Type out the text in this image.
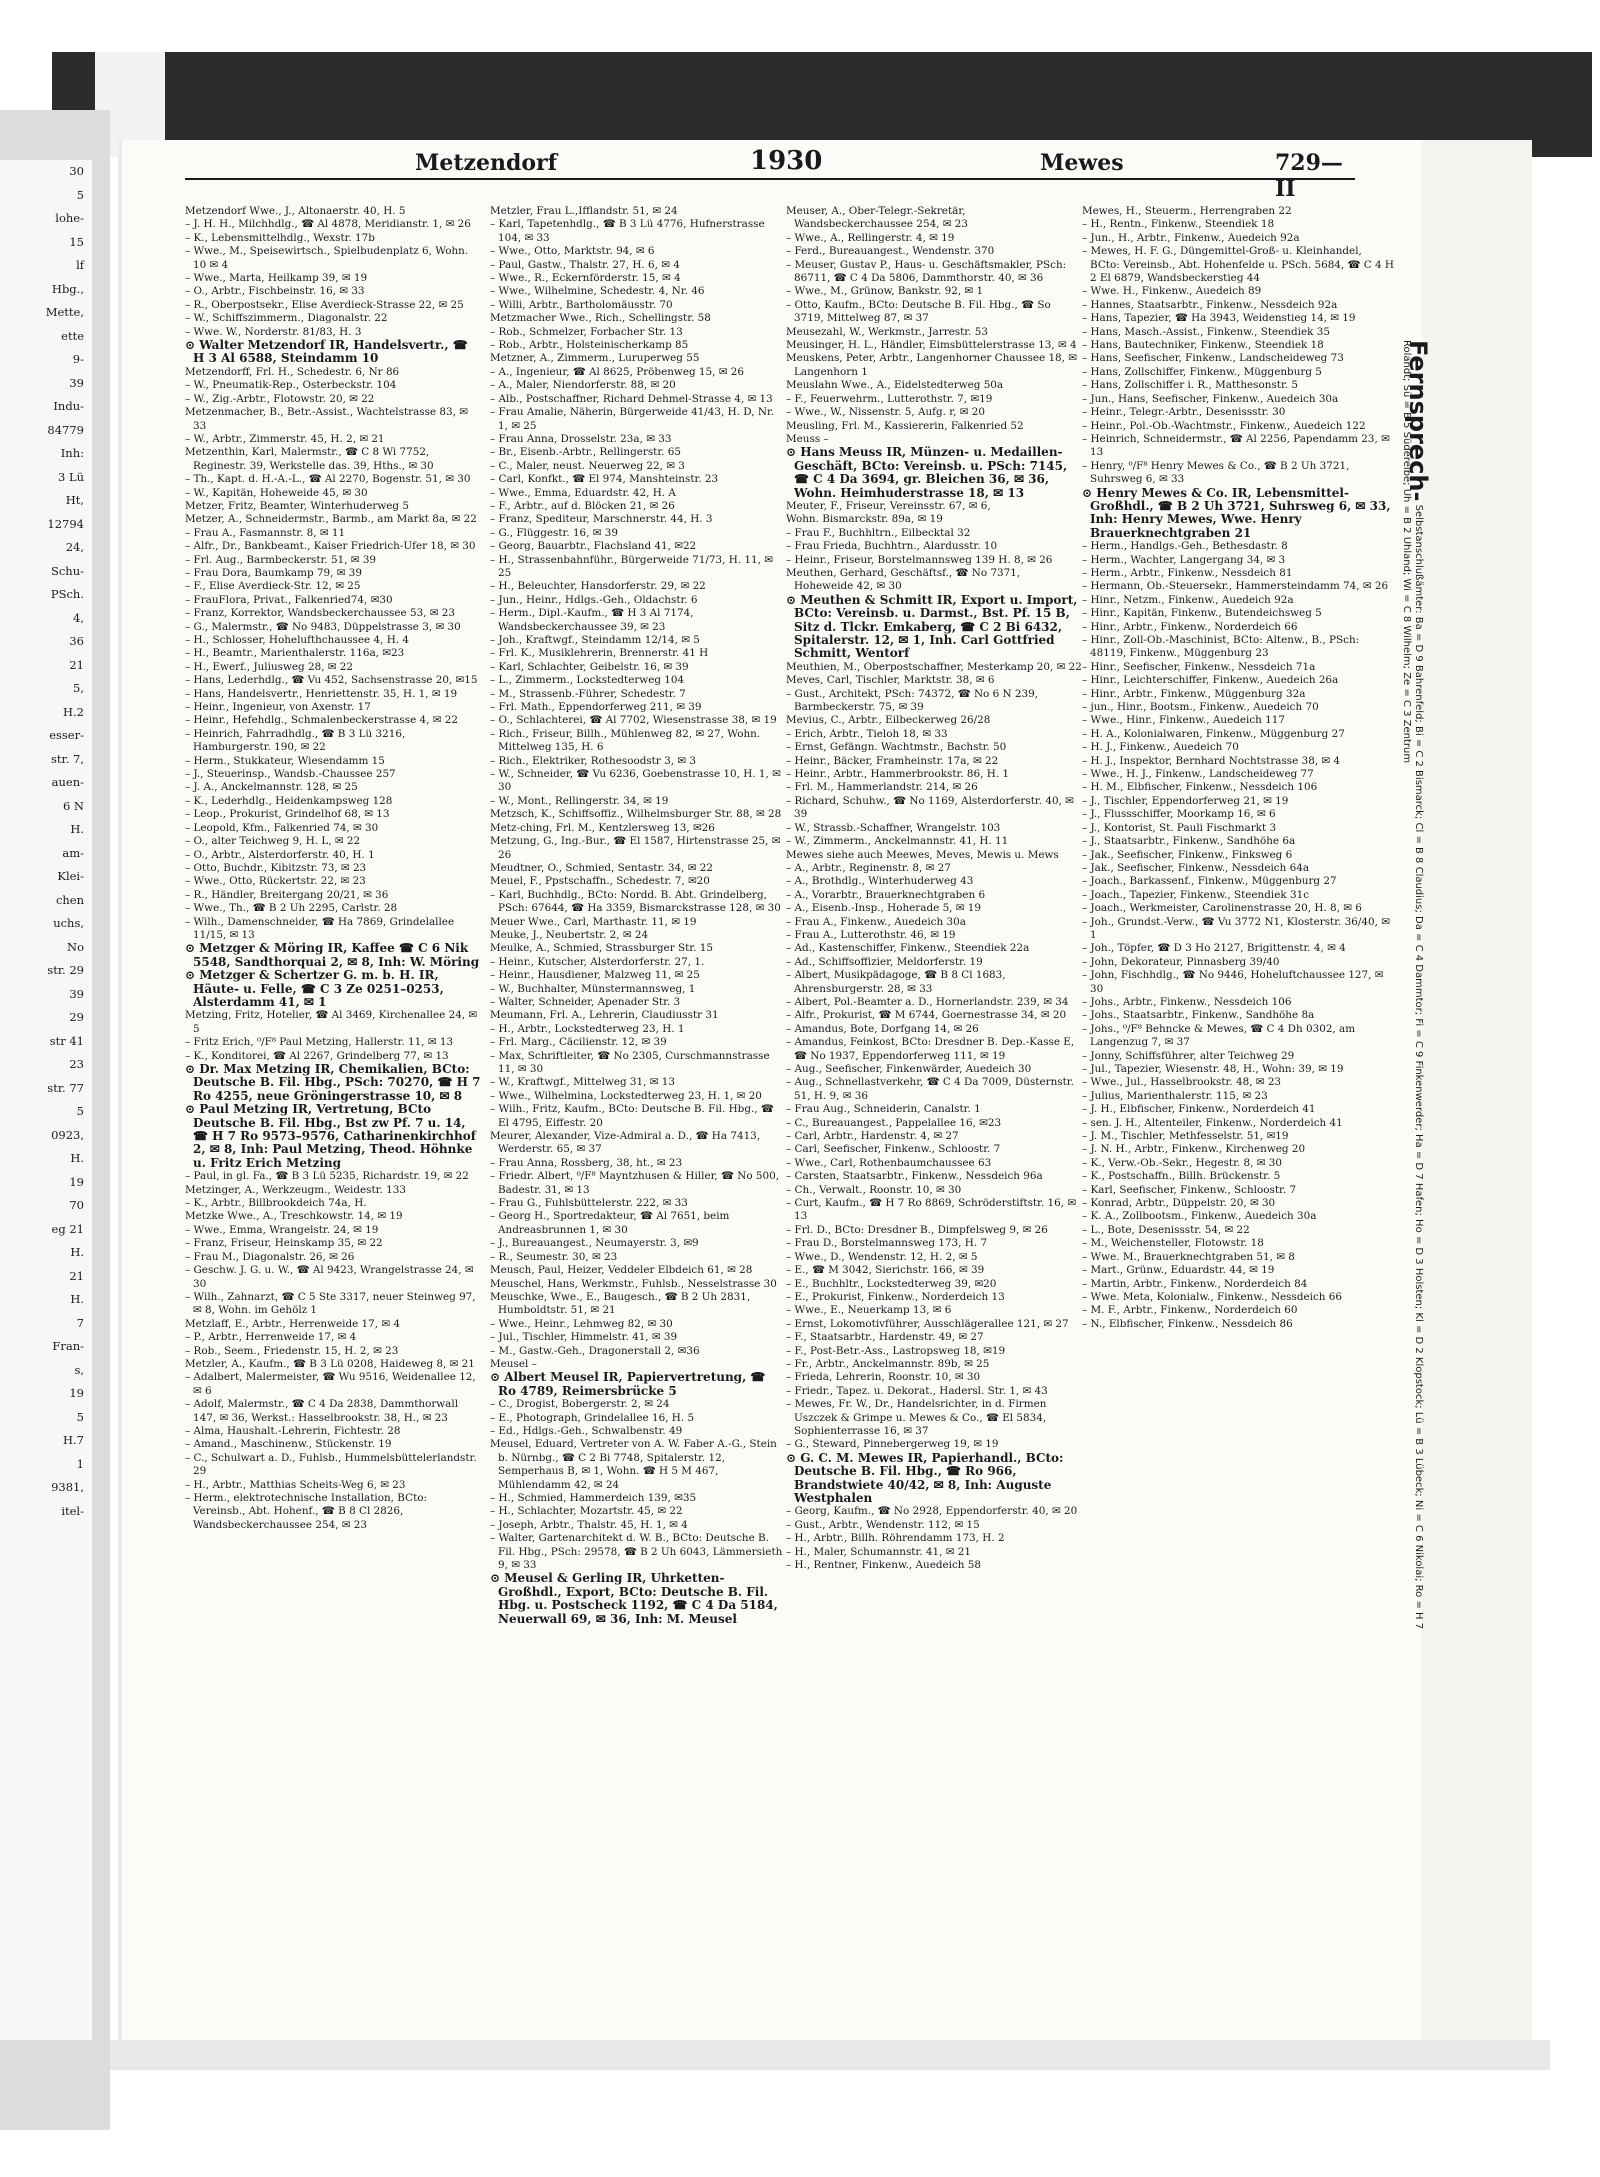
30
5
lohe-
15
lf
Hbg.,
Mette,
ette
9-
39
Indu-
84779
Inh:
3 Lü
Ht,
12794
24,
Schu-
PSch.
4,
36
21
5,
H.2
esser-
str. 7,
auen-
6 N
H.
am-
Klei-
chen
uchs,
No
str. 29
39
29
str 41
23
str. 77
5
0923,
H.
19
70
eg 21
H.
21
H.
7
Fran-
s,
19
5
H.7
1
9381,
itel-
Metzendorf	1930	Mewes	729—II
Metzendorf Wwe., J., Altonaerstr. 40, H. 5
– J. H. H., Milchhdlg., ☎ Al 4878, Meridianstr. 1, ✉ 26
– K., Lebensmittelhdlg., Wexstr. 17b
– Wwe., M., Speisewirtsch., Spielbudenplatz 6, Wohn. 10 ✉ 4
– Wwe., Marta, Heilkamp 39, ✉ 19
– O., Arbtr., Fischbeinstr. 16, ✉ 33
– R., Oberpostsekr., Elise Averdieck-Strasse 22, ✉ 25
– W., Schiffszimmerm., Diagonalstr. 22
– Wwe. W., Norderstr. 81/83, H. 3
⊙ Walter Metzendorf IR, Handelsvertr., ☎ H 3 Al 6588, Steindamm 10
Metzendorff, Frl. H., Schedestr. 6, Nr 86
– W., Pneumatik-Rep., Osterbeckstr. 104
– W., Zig.-Arbtr., Flotowstr. 20, ✉ 22
Metzenmacher, B., Betr.-Assist., Wachtelstrasse 83, ✉ 33
– W., Arbtr., Zimmerstr. 45, H. 2, ✉ 21
Metzenthin, Karl, Malermstr., ☎ C 8 Wi 7752, Reginestr. 39, Werkstelle das. 39, Hths., ✉ 30
– Th., Kapt. d. H.-A.-L., ☎ Al 2270, Bogenstr. 51, ✉ 30
– W., Kapitän, Hoheweide 45, ✉ 30
Metzer, Fritz, Beamter, Winterhuderweg 5
Metzer, A., Schneidermstr., Barmb., am Markt 8a, ✉ 22
– Frau A., Fasmannstr. 8, ✉ 11
– Alfr., Dr., Bankbeamt., Kaiser Friedrich-Ufer 18, ✉ 30
– Frl. Aug., Barmbeckerstr. 51, ✉ 39
– Frau Dora, Baumkamp 79, ✉ 39
– F., Elise Averdieck-Str. 12, ✉ 25
– FrauFlora, Privat., Falkenried74, ✉30
– Franz, Korrektor, Wandsbeckerchaussee 53, ✉ 23
– G., Malermstr., ☎ No 9483, Düppelstrasse 3, ✉ 30
– H., Schlosser, Hohelufthchaussee 4, H. 4
– H., Beamtr., Marienthalerstr. 116a, ✉23
– H., Ewerf., Juliusweg 28, ✉ 22
– Hans, Lederhdlg., ☎ Vu 452, Sachsenstrasse 20, ✉15
– Hans, Handelsvertr., Henriettenstr. 35, H. 1, ✉ 19
– Heinr., Ingenieur, von Axenstr. 17
– Heinr., Hefehdlg., Schmalenbeckerstrasse 4, ✉ 22
– Heinrich, Fahrradhdlg., ☎ B 3 Lü 3216, Hamburgerstr. 190, ✉ 22
– Herm., Stukkateur, Wiesendamm 15
– J., Steuerinsp., Wandsb.-Chaussee 257
– J. A., Anckelmannstr. 128, ✉ 25
– K., Lederhdlg., Heidenkampsweg 128
– Leop., Prokurist, Grindelhof 68, ✉ 13
– Leopold, Kfm., Falkenried 74, ✉ 30
– O., alter Teichweg 9, H. L, ✉ 22
– O., Arbtr., Alsterdorferstr. 40, H. 1
– Otto, Buchdr., Kibitzstr. 73, ✉ 23
– Wwe., Otto, Rückertstr. 22, ✉ 23
– R., Händler, Breitergang 20/21, ✉ 36
– Wwe., Th., ☎ B 2 Uh 2295, Carlstr. 28
– Wilh., Damenschneider, ☎ Ha 7869, Grindelallee 11/15, ✉ 13
⊙ Metzger & Möring IR, Kaffee ☎ C 6 Nik 5548, Sandthorquai 2, ✉ 8, Inh: W. Möring
⊙ Metzger & Schertzer G. m. b. H. IR, Häute- u. Felle, ☎ C 3 Ze 0251–0253, Alsterdamm 41, ✉ 1
Metzing, Fritz, Hotelier, ☎ Al 3469, Kirchenallee 24, ✉ 5
– Fritz Erich, ⁰/F⁸ Paul Metzing, Hallerstr. 11, ✉ 13
– K., Konditorei, ☎ Al 2267, Grindelberg 77, ✉ 13
⊙ Dr. Max Metzing IR, Chemikalien, BCto: Deutsche B. Fil. Hbg., PSch: 70270, ☎ H 7 Ro 4255, neue Gröningerstrasse 10, ✉ 8
⊙ Paul Metzing IR, Vertretung, BCto Deutsche B. Fil. Hbg., Bst zw Pf. 7 u. 14, ☎ H 7 Ro 9573–9576, Catharinenkirchhof 2, ✉ 8, Inh: Paul Metzing, Theod. Höhnke u. Fritz Erich Metzing
– Paul, in gl. Fa., ☎ B 3 Lü 5235, Richardstr. 19, ✉ 22
Metzinger, A., Werkzeugm., Weidestr. 133
– K., Arbtr., Billbrookdeich 74a, H.
Metzke Wwe., A., Treschkowstr. 14, ✉ 19
– Wwe., Emma, Wrangelstr. 24, ✉ 19
– Franz, Friseur, Heinskamp 35, ✉ 22
– Frau M., Diagonalstr. 26, ✉ 26
– Geschw. J. G. u. W., ☎ Al 9423, Wrangelstrasse 24, ✉ 30
– Wilh., Zahnarzt, ☎ C 5 Ste 3317, neuer Steinweg 97, ✉ 8, Wohn. im Gehölz 1
Metzlaff, E., Arbtr., Herrenweide 17, ✉ 4
– P., Arbtr., Herrenweide 17, ✉ 4
– Rob., Seem., Friedenstr. 15, H. 2, ✉ 23
Metzler, A., Kaufm., ☎ B 3 Lü 0208, Haideweg 8, ✉ 21
– Adalbert, Malermeister, ☎ Wu 9516, Weidenallee 12, ✉ 6
– Adolf, Malermstr., ☎ C 4 Da 2838, Dammthorwall 147, ✉ 36, Werkst.: Hasselbrookstr. 38, H., ✉ 23
– Alma, Haushalt.-Lehrerin, Fichtestr. 28
– Amand., Maschinenw., Stückenstr. 19
– C., Schulwart a. D., Fuhlsb., Hummelsbüttelerlandstr. 29
– H., Arbtr., Matthias Scheits-Weg 6, ✉ 23
– Herm., elektrotechnische Installation, BCto: Vereinsb., Abt. Hohenf., ☎ B 8 Cl 2826, Wandsbeckerchaussee 254, ✉ 23
Metzler, Frau L.,Ifflandstr. 51, ✉ 24
– Karl, Tapetenhdlg., ☎ B 3 Lü 4776, Hufnerstrasse 104, ✉ 33
– Wwe., Otto, Marktstr. 94, ✉ 6
– Paul, Gastw., Thalstr. 27, H. 6, ✉ 4
– Wwe., R., Eckernförderstr. 15, ✉ 4
– Wwe., Wilhelmine, Schedestr. 4, Nr. 46
– Willi, Arbtr., Bartholomäusstr. 70
Metzmacher Wwe., Rich., Schellingstr. 58
– Rob., Schmelzer, Forbacher Str. 13
– Rob., Arbtr., Holsteinischerkamp 85
Metzner, A., Zimmerm., Luruperweg 55
– A., Ingenieur, ☎ Al 8625, Pröbenweg 15, ✉ 26
– A., Maler, Niendorferstr. 88, ✉ 20
– Alb., Postschaffner, Richard Dehmel-Strasse 4, ✉ 13
– Frau Amalie, Näherin, Bürgerweide 41/43, H. D, Nr. 1, ✉ 25
– Frau Anna, Drosselstr. 23a, ✉ 33
– Br., Eisenb.-Arbtr., Rellingerstr. 65
– C., Maler, neust. Neuerweg 22, ✉ 3
– Carl, Konfkt., ☎ El 974, Manshteinstr. 23
– Wwe., Emma, Eduardstr. 42, H. A
– F., Arbtr., auf d. Blöcken 21, ✉ 26
– Franz, Spediteur, Marschnerstr. 44, H. 3
– G., Flüggestr. 16, ✉ 39
– Georg, Bauarbtr., Flachsland 41, ✉22
– H., Strassenbahnführ., Bürgerweide 71/73, H. 11, ✉ 25
– H., Beleuchter, Hansdorferstr. 29, ✉ 22
– Jun., Heinr., Hdlgs.-Geh., Oldachstr. 6
– Herm., Dipl.-Kaufm., ☎ H 3 Al 7174, Wandsbeckerchaussee 39, ✉ 23
– Joh., Kraftwgf., Steindamm 12/14, ✉ 5
– Frl. K., Musiklehrerin, Brennerstr. 41 H
– Karl, Schlachter, Geibelstr. 16, ✉ 39
– L., Zimmerm., Lockstedterweg 104
– M., Strassenb.-Führer, Schedestr. 7
– Frl. Math., Eppendorferweg 211, ✉ 39
– O., Schlachterei, ☎ Al 7702, Wiesenstrasse 38, ✉ 19
– Rich., Friseur, Billh., Mühlenweg 82, ✉ 27, Wohn. Mittelweg 135, H. 6
– Rich., Elektriker, Rothesoodstr 3, ✉ 3
– W., Schneider, ☎ Vu 6236, Goebenstrasse 10, H. 1, ✉ 30
– W., Mont., Rellingerstr. 34, ✉ 19
Metzsch, K., Schiffsoffiz., Wilhelmsburger Str. 88, ✉ 28
Metz-ching, Frl. M., Kentzlersweg 13, ✉26
Metzung, G., Ing.-Bur., ☎ El 1587, Hirtenstrasse 25, ✉ 26
Meudtner, O., Schmied, Sentastr. 34, ✉ 22
Meuel, F., Ppstschaffn., Schedestr. 7, ✉20
– Karl, Buchhdlg., BCto: Nordd. B. Abt. Grindelberg, PSch: 67644, ☎ Ha 3359, Bismarckstrasse 128, ✉ 30
Meuer Wwe., Carl, Marthastr. 11, ✉ 19
Meuke, J., Neubertstr. 2, ✉ 24
Meulke, A., Schmied, Strassburger Str. 15
– Heinr., Kutscher, Alsterdorferstr. 27, 1.
– Heinr., Hausdiener, Malzweg 11, ✉ 25
– W., Buchhalter, Münstermannsweg, 1
– Walter, Schneider, Apenader Str. 3
Meumann, Frl. A., Lehrerin, Claudiusstr 31
– H., Arbtr., Lockstedterweg 23, H. 1
– Frl. Marg., Cäcilienstr. 12, ✉ 39
– Max, Schriftleiter, ☎ No 2305, Curschmannstrasse 11, ✉ 30
– W., Kraftwgf., Mittelweg 31, ✉ 13
– Wwe., Wilhelmina, Lockstedterweg 23, H. 1, ✉ 20
– Wilh., Fritz, Kaufm., BCto: Deutsche B. Fil. Hbg., ☎ El 4795, Eiffestr. 20
Meurer, Alexander, Vize-Admiral a. D., ☎ Ha 7413, Werderstr. 65, ✉ 37
– Frau Anna, Rossberg, 38, ht., ✉ 23
– Friedr. Albert, ⁰/F⁸ Mayntzhusen & Hiller, ☎ No 500, Badestr. 31, ✉ 13
– Frau G., Fuhlsbüttelerstr. 222, ✉ 33
– Georg H., Sportredakteur, ☎ Al 7651, beim Andreasbrunnen 1, ✉ 30
– J., Bureauangest., Neumayerstr. 3, ✉9
– R., Seumestr. 30, ✉ 23
Meusch, Paul, Heizer, Veddeler Elbdeich 61, ✉ 28
Meuschel, Hans, Werkmstr., Fuhlsb., Nesselstrasse 30
Meuschke, Wwe., E., Baugesch., ☎ B 2 Uh 2831, Humboldtstr. 51, ✉ 21
– Wwe., Heinr., Lehmweg 82, ✉ 30
– Jul., Tischler, Himmelstr. 41, ✉ 39
– M., Gastw.-Geh., Dragonerstall 2, ✉36
Meusel –
⊙ Albert Meusel IR, Papiervertretung, ☎ Ro 4789, Reimersbrücke 5
– C., Drogist, Bobergerstr. 2, ✉ 24
– E., Photograph, Grindelallee 16, H. 5
– Ed., Hdlgs.-Geh., Schwalbenstr. 49
Meusel, Eduard, Vertreter von A. W. Faber A.-G., Stein b. Nürnbg., ☎ C 2 Bi 7748, Spitalerstr. 12, Semperhaus B, ✉ 1, Wohn. ☎ H 5 M 467, Mühlendamm 42, ✉ 24
– H., Schmied, Hammerdeich 139, ✉35
– H., Schlachter, Mozartstr. 45, ✉ 22
– Joseph, Arbtr., Thalstr. 45, H. 1, ✉ 4
– Walter, Gartenarchitekt d. W. B., BCto: Deutsche B. Fil. Hbg., PSch: 29578, ☎ B 2 Uh 6043, Lämmersieth 9, ✉ 33
⊙ Meusel & Gerling IR, Uhrketten-Großhdl., Export, BCto: Deutsche B. Fil. Hbg. u. Postscheck 1192, ☎ C 4 Da 5184, Neuerwall 69, ✉ 36, Inh: M. Meusel
Meuser, A., Ober-Telegr.-Sekretär, Wandsbeckerchaussee 254, ✉ 23
– Wwe., A., Rellingerstr. 4, ✉ 19
– Ferd., Bureauangest., Wendenstr. 370
– Meuser, Gustav P., Haus- u. Geschäftsmakler, PSch: 86711, ☎ C 4 Da 5806, Dammthorstr. 40, ✉ 36
– Wwe., M., Grünow, Bankstr. 92, ✉ 1
– Otto, Kaufm., BCto: Deutsche B. Fil. Hbg., ☎ So 3719, Mittelweg 87, ✉ 37
Meusezahl, W., Werkmstr., Jarrestr. 53
Meusinger, H. L., Händler, Eimsbüttelerstrasse 13, ✉ 4
Meuskens, Peter, Arbtr., Langenhorner Chaussee 18, ✉ Langenhorn 1
Meuslahn Wwe., A., Eidelstedterweg 50a
– F., Feuerwehrm., Lutterothstr. 7, ✉19
– Wwe., W., Nissenstr. 5, Aufg. r, ✉ 20
Meusling, Frl. M., Kassiererin, Falkenried 52
Meuss –
⊙ Hans Meuss IR, Münzen- u. Medaillen-Geschäft, BCto: Vereinsb. u. PSch: 7145, ☎ C 4 Da 3694, gr. Bleichen 36, ✉ 36, Wohn. Heimhuderstrasse 18, ✉ 13
Meuter, F., Friseur, Vereinsstr. 67, ✉ 6,
Wohn. Bismarckstr. 89a, ✉ 19
– Frau F., Buchhltrn., Eilbecktal 32
– Frau Frieda, Buchhtrn., Alardusstr. 10
– Heinr., Friseur, Borstelmannsweg 139 H. 8, ✉ 26
Meuthen, Gerhard, Geschäftsf., ☎ No 7371, Hoheweide 42, ✉ 30
⊙ Meuthen & Schmitt IR, Export u. Import, BCto: Vereinsb. u. Darmst., Bst. Pf. 15 B, Sitz d. Tlckr. Emkaberg, ☎ C 2 Bi 6432, Spitalerstr. 12, ✉ 1, Inh. Carl Gottfried Schmitt, Wentorf
Meuthien, M., Oberpostschaffner, Mesterkamp 20, ✉ 22
Meves, Carl, Tischler, Marktstr. 38, ✉ 6
– Gust., Architekt, PSch: 74372, ☎ No 6 N 239, Barmbeckerstr. 75, ✉ 39
Mevius, C., Arbtr., Eilbeckerweg 26/28
– Erich, Arbtr., Tieloh 18, ✉ 33
– Ernst, Gefängn. Wachtmstr., Bachstr. 50
– Heinr., Bäcker, Framheinstr. 17a, ✉ 22
– Heinr., Arbtr., Hammerbrookstr. 86, H. 1
– Frl. M., Hammerlandstr. 214, ✉ 26
– Richard, Schuhw., ☎ No 1169, Alsterdorferstr. 40, ✉ 39
– W., Strassb.-Schaffner, Wrangelstr. 103
– W., Zimmerm., Anckelmannstr. 41, H. 11
Mewes siehe auch Meewes, Meves, Mewis u. Mews
– A., Arbtr., Reginenstr. 8, ✉ 27
– A., Brothdlg., Winterhuderweg 43
– A., Vorarbtr., Brauerknechtgraben 6
– A., Eisenb.-Insp., Hoherade 5, ✉ 19
– Frau A., Finkenw., Auedeich 30a
– Frau A., Lutterothstr. 46, ✉ 19
– Ad., Kastenschiffer, Finkenw., Steendiek 22a
– Ad., Schiffsoffizier, Meldorferstr. 19
– Albert, Musikpädagoge, ☎ B 8 Cl 1683, Ahrensburgerstr. 28, ✉ 33
– Albert, Pol.-Beamter a. D., Hornerlandstr. 239, ✉ 34
– Alfr., Prokurist, ☎ M 6744, Goernestrasse 34, ✉ 20
– Amandus, Bote, Dorfgang 14, ✉ 26
– Amandus, Feinkost, BCto: Dresdner B. Dep.-Kasse E, ☎ No 1937, Eppendorferweg 111, ✉ 19
– Aug., Seefischer, Finkenwärder, Auedeich 30
– Aug., Schnellastverkehr, ☎ C 4 Da 7009, Düsternstr. 51, H. 9, ✉ 36
– Frau Aug., Schneiderin, Canalstr. 1
– C., Bureauangest., Pappelallee 16, ✉23
– Carl, Arbtr., Hardenstr. 4, ✉ 27
– Carl, Seefischer, Finkenw., Schloostr. 7
– Wwe., Carl, Rothenbaumchaussee 63
– Carsten, Staatsarbtr., Finkenw., Nessdeich 96a
– Ch., Verwalt., Roonstr. 10, ✉ 30
– Curt, Kaufm., ☎ H 7 Ro 8869, Schröderstiftstr. 16, ✉ 13
– Frl. D., BCto: Dresdner B., Dimpfelsweg 9, ✉ 26
– Frau D., Borstelmannsweg 173, H. 7
– Wwe., D., Wendenstr. 12, H. 2, ✉ 5
– E., ☎ M 3042, Sierichstr. 166, ✉ 39
– E., Buchhltr., Lockstedterweg 39, ✉20
– E., Prokurist, Finkenw., Norderdeich 13
– Wwe., E., Neuerkamp 13, ✉ 6
– Ernst, Lokomotivführer, Ausschlägerallee 121, ✉ 27
– F., Staatsarbtr., Hardenstr. 49, ✉ 27
– F., Post-Betr.-Ass., Lastropsweg 18, ✉19
– Fr., Arbtr., Anckelmannstr. 89b, ✉ 25
– Frieda, Lehrerin, Roonstr. 10, ✉ 30
– Friedr., Tapez. u. Dekorat., Hadersl. Str. 1, ✉ 43
– Mewes, Fr. W., Dr., Handelsrichter, in d. Firmen Uszczek & Grimpe u. Mewes & Co., ☎ El 5834, Sophienterrasse 16, ✉ 37
– G., Steward, Pinnebergerweg 19, ✉ 19
⊙ G. C. M. Mewes IR, Papierhandl., BCto: Deutsche B. Fil. Hbg., ☎ Ro 966, Brandstwiete 40/42, ✉ 8, Inh: Auguste Westphalen
– Georg, Kaufm., ☎ No 2928, Eppendorferstr. 40, ✉ 20
– Gust., Arbtr., Wendenstr. 112, ✉ 15
– H., Arbtr., Billh. Röhrendamm 173, H. 2
– H., Maler, Schumannstr. 41, ✉ 21
– H., Rentner, Finkenw., Auedeich 58
Mewes, H., Steuerm., Herrengraben 22
– H., Rentn., Finkenw., Steendiek 18
– Jun., H., Arbtr., Finkenw., Auedeich 92a
– Mewes, H. F. G., Düngemittel-Groß- u. Kleinhandel, BCto: Vereinsb., Abt. Hohenfelde u. PSch. 5684, ☎ C 4 H 2 El 6879, Wandsbeckerstieg 44
– Wwe. H., Finkenw., Auedeich 89
– Hannes, Staatsarbtr., Finkenw., Nessdeich 92a
– Hans, Tapezier, ☎ Ha 3943, Weidenstieg 14, ✉ 19
– Hans, Masch.-Assist., Finkenw., Steendiek 35
– Hans, Bautechniker, Finkenw., Steendiek 18
– Hans, Seefischer, Finkenw., Landscheideweg 73
– Hans, Zollschiffer, Finkenw., Müggenburg 5
– Hans, Zollschiffer i. R., Matthesonstr. 5
– Jun., Hans, Seefischer, Finkenw., Auedeich 30a
– Heinr., Telegr.-Arbtr., Desenissstr. 30
– Heinr., Pol.-Ob.-Wachtmstr., Finkenw., Auedeich 122
– Heinrich, Schneidermstr., ☎ Al 2256, Papendamm 23, ✉ 13
– Henry, ⁰/F⁸ Henry Mewes & Co., ☎ B 2 Uh 3721, Suhrsweg 6, ✉ 33
⊙ Henry Mewes & Co. IR, Lebensmittel-Großhdl., ☎ B 2 Uh 3721, Suhrsweg 6, ✉ 33, Inh: Henry Mewes, Wwe. Henry Brauerknechtgraben 21
– Herm., Handlgs.-Geh., Bethesdastr. 8
– Herm., Wachter, Langergang 34, ✉ 3
– Herm., Arbtr., Finkenw., Nessdeich 81
– Hermann, Ob.-Steuersekr., Hammersteindamm 74, ✉ 26
– Hinr., Netzm., Finkenw., Auedeich 92a
– Hinr., Kapitän, Finkenw., Butendeichsweg 5
– Hinr., Arbtr., Finkenw., Norderdeich 66
– Hinr., Zoll-Ob.-Maschinist, BCto: Altenw., B., PSch: 48119, Finkenw., Müggenburg 23
– Hinr., Seefischer, Finkenw., Nessdeich 71a
– Hinr., Leichterschiffer, Finkenw., Auedeich 26a
– Hinr., Arbtr., Finkenw., Müggenburg 32a
– jun., Hinr., Bootsm., Finkenw., Auedeich 70
– Wwe., Hinr., Finkenw., Auedeich 117
– H. A., Kolonialwaren, Finkenw., Müggenburg 27
– H. J., Finkenw., Auedeich 70
– H. J., Inspektor, Bernhard Nochtstrasse 38, ✉ 4
– Wwe., H. J., Finkenw., Landscheideweg 77
– H. M., Elbfischer, Finkenw., Nessdeich 106
– J., Tischler, Eppendorferweg 21, ✉ 19
– J., Flussschiffer, Moorkamp 16, ✉ 6
– J., Kontorist, St. Pauli Fischmarkt 3
– J., Staatsarbtr., Finkenw., Sandhöhe 6a
– Jak., Seefischer, Finkenw., Finksweg 6
– Jak., Seefischer, Finkenw., Nessdeich 64a
– Joach., Barkassenf., Finkenw., Müggenburg 27
– Joach., Tapezier, Finkenw., Steendiek 31c
– Joach., Werkmeister, Carolinenstrasse 20, H. 8, ✉ 6
– Joh., Grundst.-Verw., ☎ Vu 3772 N1, Klosterstr. 36/40, ✉ 1
– Joh., Töpfer, ☎ D 3 Ho 2127, Brigittenstr. 4, ✉ 4
– John, Dekorateur, Pinnasberg 39/40
– John, Fischhdlg., ☎ No 9446, Hoheluftchaussee 127, ✉ 30
– Johs., Arbtr., Finkenw., Nessdeich 106
– Johs., Staatsarbtr., Finkenw., Sandhöhe 8a
– Johs., ⁰/F⁸ Behncke & Mewes, ☎ C 4 Dh 0302, am Langenzug 7, ✉ 37
– Jonny, Schiffsführer, alter Teichweg 29
– Jul., Tapezier, Wiesenstr. 48, H., Wohn: 39, ✉ 19
– Wwe., Jul., Hasselbrookstr. 48, ✉ 23
– Julius, Marienthalerstr. 115, ✉ 23
– J. H., Elbfischer, Finkenw., Norderdeich 41
– sen. J. H., Altenteiler, Finkenw., Norderdeich 41
– J. M., Tischler, Methfesselstr. 51, ✉19
– J. N. H., Arbtr., Finkenw., Kirchenweg 20
– K., Verw.-Ob.-Sekr., Hegestr. 8, ✉ 30
– K., Postschaffn., Billh. Brückenstr. 5
– Karl, Seefischer, Finkenw., Schloostr. 7
– Konrad, Arbtr., Düppelstr. 20, ✉ 30
– K. A., Zollbootsm., Finkenw., Auedeich 30a
– L., Bote, Desenissstr. 54, ✉ 22
– M., Weichensteller, Flotowstr. 18
– Wwe. M., Brauerknechtgraben 51, ✉ 8
– Mart., Grünw., Eduardstr. 44, ✉ 19
– Martin, Arbtr., Finkenw., Norderdeich 84
– Wwe. Meta, Kolonialw., Finkenw., Nessdeich 66
– M. F., Arbtr., Finkenw., Norderdeich 60
– N., Elbfischer, Finkenw., Nessdeich 86
Fernsprech- Selbstanschlußämter: Ba = D 9 Bahrenfeld; Bi = C 2 Bismarck; Cl = B 8 Claudius; Da = C 4 Dammtor; Fi = C 9 Finkenwerder; Ha = D 7 Hafen; Ho = D 3 Holsten; Kl = D 2 Klopstock; Lü = B 3 Lübeck; Ni = C 6 Nikolai; Ro = H 7 Rolandt; Sü = B 5 Süderelbe; Uh = B 2 Uhland; Wi = C 8 Wilhelm; Ze = C 3 Zentrum
